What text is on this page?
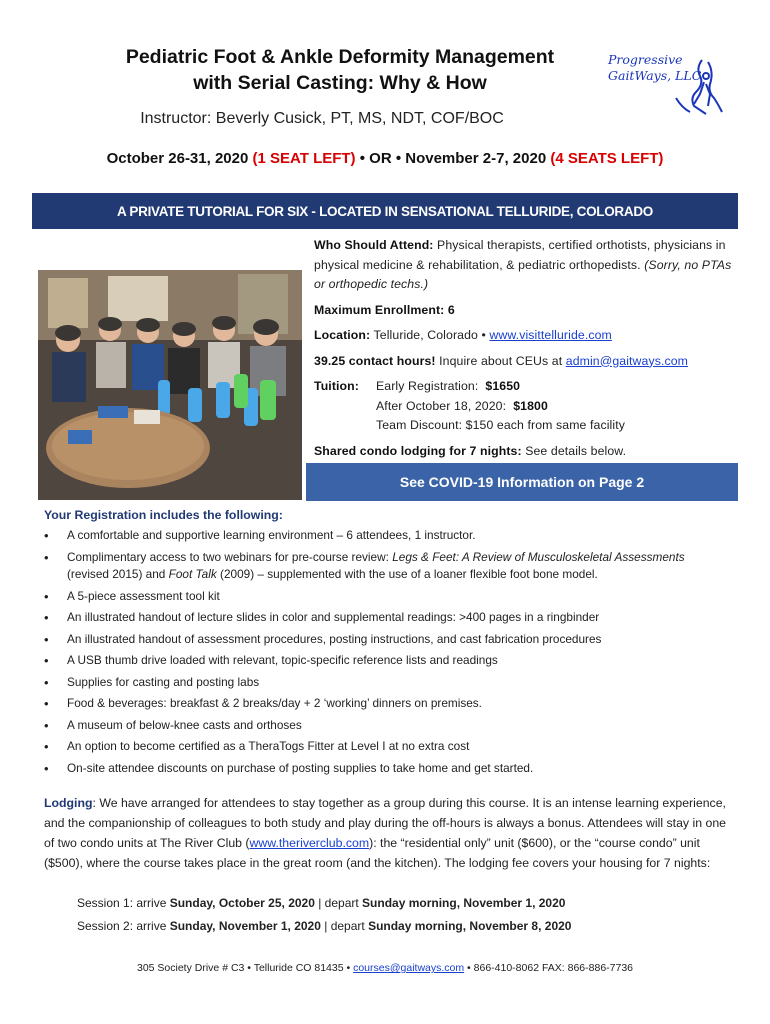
Pediatric Foot & Ankle Deformity Management
with Serial Casting: Why & How
Progressive
GaitWays, LLC
Instructor: Beverly Cusick, PT, MS, NDT, COF/BOC
October 26-31, 2020 (1 SEAT LEFT) • OR • November 2-7, 2020 (4 SEATS LEFT)
A PRIVATE TUTORIAL FOR SIX - LOCATED IN SENSATIONAL TELLURIDE, COLORADO

Who Should Attend: Physical therapists, certified orthotists, physicians in physical medicine & rehabilitation, & pediatric orthopedists. (Sorry, no PTAs or orthopedic techs.)

Maximum Enrollment: 6

Location: Telluride, Colorado • www.visittelluride.com

39.25 contact hours! Inquire about CEUs at admin@gaitways.com

Tuition:	Early Registration: $1650
After October 18, 2020: $1800
Team Discount: $150 each from same facility

Shared condo lodging for 7 nights: See details below.

See COVID-19 Information on Page 2
Your Registration includes the following:
• A comfortable and supportive learning environment – 6 attendees, 1 instructor.
• Complimentary access to two webinars for pre-course review: Legs & Feet: A Review of Musculoskeletal Assessments
(revised 2015) and Foot Talk (2009) – supplemented with the use of a loaner flexible foot bone model.
• A 5-piece assessment tool kit
• An illustrated handout of lecture slides in color and supplemental readings: >400 pages in a ringbinder
• An illustrated handout of assessment procedures, posting instructions, and cast fabrication procedures
• A USB thumb drive loaded with relevant, topic-specific reference lists and readings
• Supplies for casting and posting labs
• Food & beverages: breakfast & 2 breaks/day + 2 ‘working’ dinners on premises.
• A museum of below-knee casts and orthoses
• An option to become certified as a TheraTogs Fitter at Level I at no extra cost
• On-site attendee discounts on purchase of posting supplies to take home and get started.
Lodging: We have arranged for attendees to stay together as a group during this course. It is an intense learning experience, and the companionship of colleagues to both study and play during the off-hours is always a bonus. Attendees will stay in one of two condo units at The River Club (www.theriverclub.com): the “residential only” unit ($600), or the “course condo” unit ($500), where the course takes place in the great room (and the kitchen). The lodging fee covers your housing for 7 nights:
Session 1: arrive Sunday, October 25, 2020 | depart Sunday morning, November 1, 2020
Session 2: arrive Sunday, November 1, 2020 | depart Sunday morning, November 8, 2020
305 Society Drive # C3 • Telluride CO 81435 • courses@gaitways.com • 866-410-8062 FAX: 866-886-7736
